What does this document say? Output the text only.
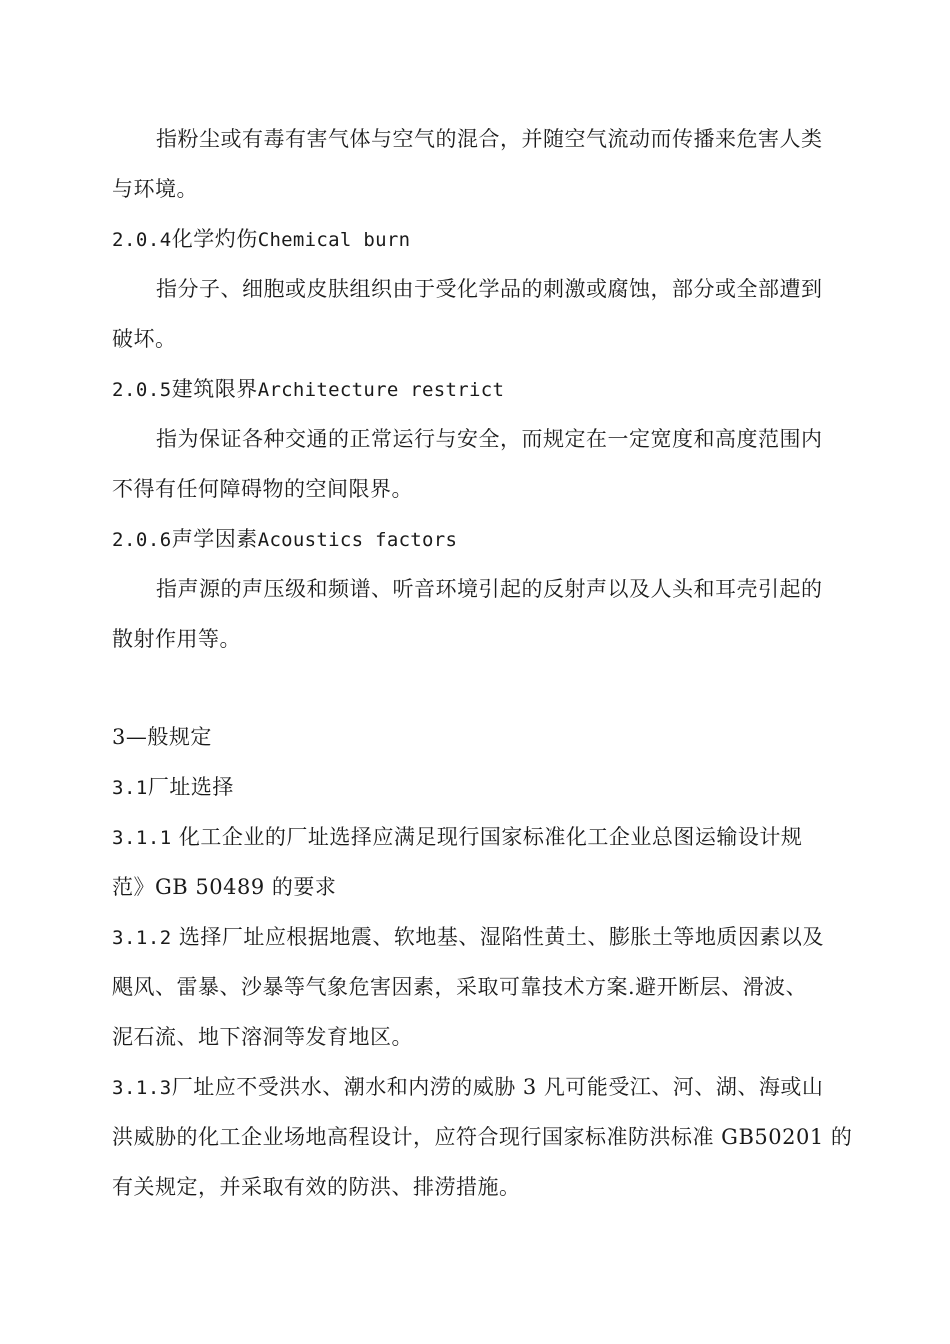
指粉尘或有毒有害气体与空气的混合，并随空气流动而传播来危害人类
与环境。
2.0.4化学灼伤Chemical burn
指分子、细胞或皮肤组织由于受化学品的刺激或腐蚀，部分或全部遭到
破坏。
2.0.5建筑限界Architecture restrict
指为保证各种交通的正常运行与安全，而规定在一定宽度和高度范围内
不得有任何障碍物的空间限界。
2.0.6声学因素Acoustics factors
指声源的声压级和频谱、听音环境引起的反射声以及人头和耳壳引起的
散射作用等。
3—般规定
3.1厂址选择
3.1.1 化工企业的厂址选择应满足现行国家标准化工企业总图运输设计规
范》GB 50489 的要求
3.1.2 选择厂址应根据地震、软地基、湿陷性黄土、膨胀土等地质因素以及
飓风、雷暴、沙暴等气象危害因素，采取可靠技术方案.避开断层、滑波、
泥石流、地下溶洞等发育地区。
3.1.3厂址应不受洪水、潮水和内涝的威胁 3 凡可能受江、河、湖、海或山
洪威胁的化工企业场地高程设计，应符合现行国家标准防洪标准 GB50201 的
有关规定，并采取有效的防洪、排涝措施。
